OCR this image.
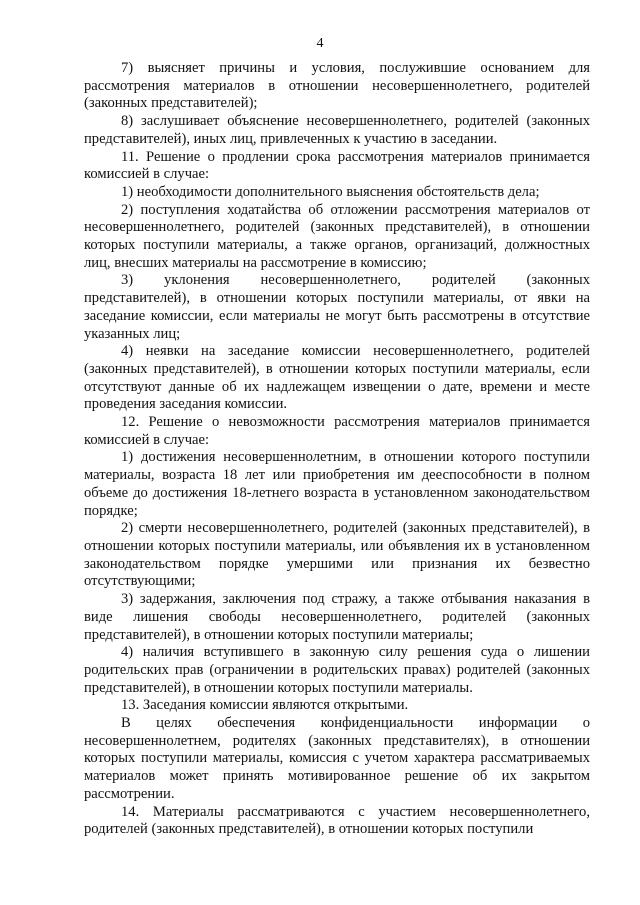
4

7) выясняет причины и условия, послужившие основанием для рассмотрения материалов в отношении несовершеннолетнего, родителей (законных представителей);

8) заслушивает объяснение несовершеннолетнего, родителей (законных представителей), иных лиц, привлеченных к участию в заседании.

11. Решение о продлении срока рассмотрения материалов принимается комиссией в случае:

1) необходимости дополнительного выяснения обстоятельств дела;

2) поступления ходатайства об отложении рассмотрения материалов от несовершеннолетнего, родителей (законных представителей), в отношении которых поступили материалы, а также органов, организаций, должностных лиц, внесших материалы на рассмотрение в комиссию;

3) уклонения несовершеннолетнего, родителей (законных представителей), в отношении которых поступили материалы, от явки на заседание комиссии, если материалы не могут быть рассмотрены в отсутствие указанных лиц;

4) неявки на заседание комиссии несовершеннолетнего, родителей (законных представителей), в отношении которых поступили материалы, если отсутствуют данные об их надлежащем извещении о дате, времени и месте проведения заседания комиссии.

12. Решение о невозможности рассмотрения материалов принимается комиссией в случае:

1) достижения несовершеннолетним, в отношении которого поступили материалы, возраста 18 лет или приобретения им дееспособности в полном объеме до достижения 18-летнего возраста в установленном законодательством порядке;

2) смерти несовершеннолетнего, родителей (законных представителей), в отношении которых поступили материалы, или объявления их в установленном законодательством порядке умершими или признания их безвестно отсутствующими;

3) задержания, заключения под стражу, а также отбывания наказания в виде лишения свободы несовершеннолетнего, родителей (законных представителей), в отношении которых поступили материалы;

4) наличия вступившего в законную силу решения суда о лишении родительских прав (ограничении в родительских правах) родителей (законных представителей), в отношении которых поступили материалы.

13. Заседания комиссии являются открытыми.

В целях обеспечения конфиденциальности информации о несовершеннолетнем, родителях (законных представителях), в отношении которых поступили материалы, комиссия с учетом характера рассматриваемых материалов может принять мотивированное решение об их закрытом рассмотрении.

14. Материалы рассматриваются с участием несовершеннолетнего, родителей (законных представителей), в отношении которых поступили
